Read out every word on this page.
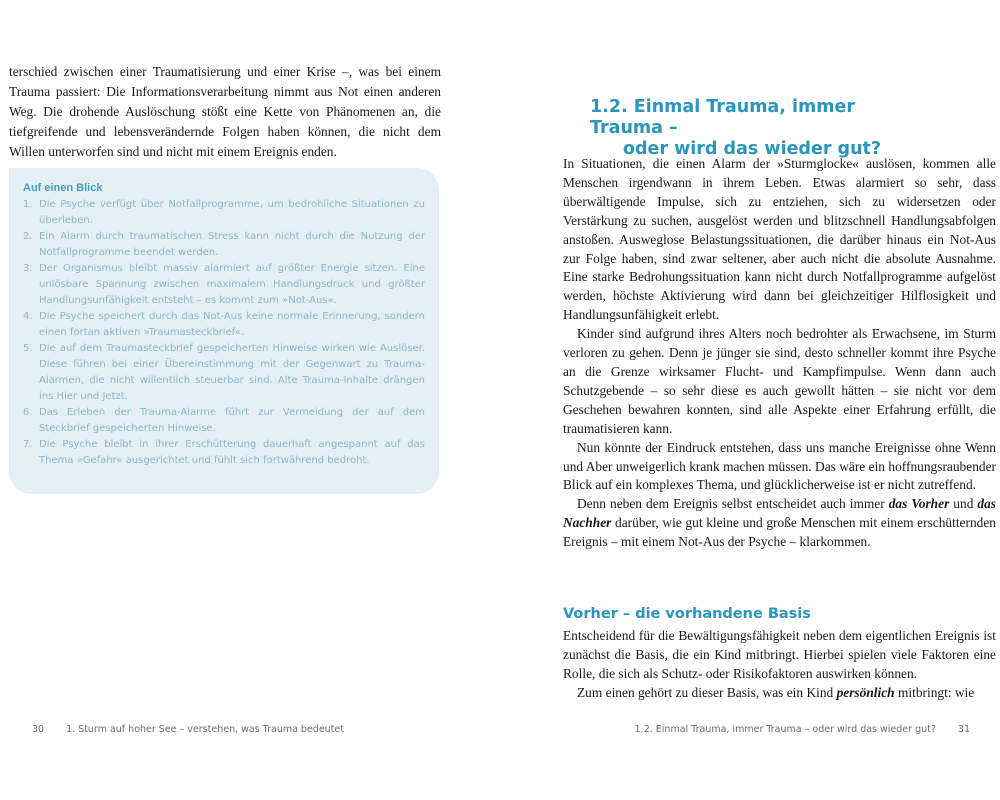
terschied zwischen einer Traumatisierung und einer Krise –, was bei einem Trauma passiert: Die Informationsverarbeitung nimmt aus Not einen anderen Weg. Die drohende Auslöschung stößt eine Kette von Phänomenen an, die tiefgreifende und lebensverändernde Folgen haben können, die nicht dem Willen unterworfen sind und nicht mit einem Ereignis enden.
Auf einen Blick
1. Die Psyche verfügt über Notfallprogramme, um bedrohliche Situationen zu überleben.
2. Ein Alarm durch traumatischen Stress kann nicht durch die Nutzung der Notfallprogramme beendet werden.
3. Der Organismus bleibt massiv alarmiert auf größter Energie sitzen. Eine unlösbare Spannung zwischen maximalem Handlungsdruck und größter Handlungsunfähigkeit entsteht – es kommt zum »Not-Aus«.
4. Die Psyche speichert durch das Not-Aus keine normale Erinnerung, sondern einen fortan aktiven »Traumasteckbrief«.
5. Die auf dem Traumasteckbrief gespeicherten Hinweise wirken wie Auslöser. Diese führen bei einer Übereinstimmung mit der Gegenwart zu Trauma-Alarmen, die nicht willentlich steuerbar sind. Alte Trauma-Inhalte drängen ins Hier und Jetzt.
6. Das Erleben der Trauma-Alarme führt zur Vermeidung der auf dem Steckbrief gespeicherten Hinweise.
7. Die Psyche bleibt in ihrer Erschütterung dauerhaft angespannt auf das Thema »Gefahr« ausgerichtet und fühlt sich fortwährend bedroht.
30 1. Sturm auf hoher See – verstehen, was Trauma bedeutet
1.2. Einmal Trauma, immer Trauma –
oder wird das wieder gut?

In Situationen, die einen Alarm der »Sturmglocke« auslösen, kommen alle Menschen irgendwann in ihrem Leben. Etwas alarmiert so sehr, dass überwältigende Impulse, sich zu entziehen, sich zu widersetzen oder Verstärkung zu suchen, ausgelöst werden und blitzschnell Handlungsabfolgen anstoßen. Ausweglose Belastungssituationen, die darüber hinaus ein Not-Aus zur Folge haben, sind zwar seltener, aber auch nicht die absolute Ausnahme. Eine starke Bedrohungssituation kann nicht durch Notfallprogramme aufgelöst werden, höchste Aktivierung wird dann bei gleichzeitiger Hilflosigkeit und Handlungsunfähigkeit erlebt.

Kinder sind aufgrund ihres Alters noch bedrohter als Erwachsene, im Sturm verloren zu gehen. Denn je jünger sie sind, desto schneller kommt ihre Psyche an die Grenze wirksamer Flucht- und Kampfimpulse. Wenn dann auch Schutzgebende – so sehr diese es auch gewollt hätten – sie nicht vor dem Geschehen bewahren konnten, sind alle Aspekte einer Erfahrung erfüllt, die traumatisieren kann.

Nun könnte der Eindruck entstehen, dass uns manche Ereignisse ohne Wenn und Aber unweigerlich krank machen müssen. Das wäre ein hoffnungsraubender Blick auf ein komplexes Thema, und glücklicherweise ist er nicht zutreffend.

Denn neben dem Ereignis selbst entscheidet auch immer das Vorher und das Nachher darüber, wie gut kleine und große Menschen mit einem erschütternden Ereignis – mit einem Not-Aus der Psyche – klarkommen.

Vorher – die vorhandene Basis

Entscheidend für die Bewältigungsfähigkeit neben dem eigentlichen Ereignis ist zunächst die Basis, die ein Kind mitbringt. Hierbei spielen viele Faktoren eine Rolle, die sich als Schutz- oder Risikofaktoren auswirken können.

Zum einen gehört zu dieser Basis, was ein Kind persönlich mitbringt: wie

1.2. Einmal Trauma, immer Trauma – oder wird das wieder gut? 31
